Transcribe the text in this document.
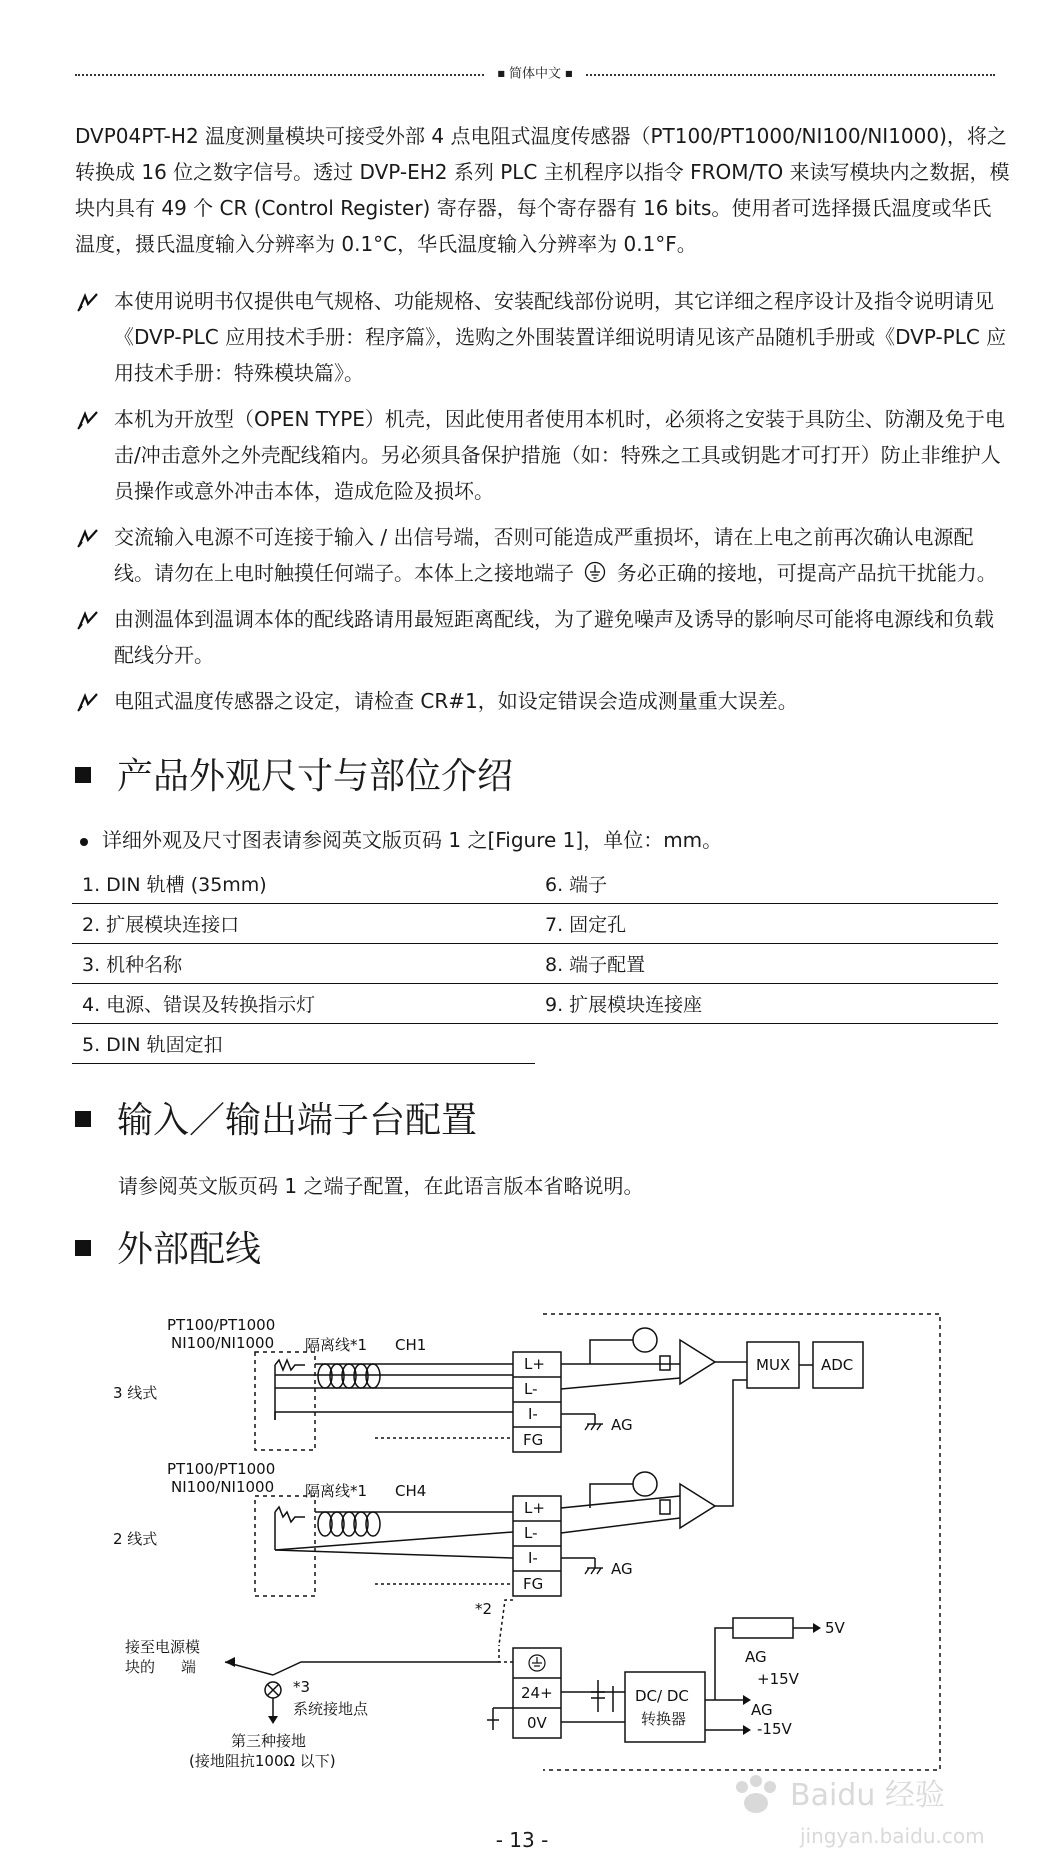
■ 简体中文 ■

DVP04PT-H2 温度测量模块可接受外部 4 点电阻式温度传感器（PT100/PT1000/NI100/NI1000)，将之转换成 16 位之数字信号。透过 DVP-EH2 系列 PLC 主机程序以指令 FROM/TO 来读写模块内之数据，模块内具有 49 个 CR (Control Register) 寄存器，每个寄存器有 16 bits。使用者可选择摄氏温度或华氏温度，摄氏温度输入分辨率为 0.1°C，华氏温度输入分辨率为 0.1°F。

本使用说明书仅提供电气规格、功能规格、安装配线部份说明，其它详细之程序设计及指令说明请见《DVP-PLC 应用技术手册：程序篇》，选购之外围装置详细说明请见该产品随机手册或《DVP-PLC 应用技术手册：特殊模块篇》。
本机为开放型（OPEN TYPE）机壳，因此使用者使用本机时，必须将之安装于具防尘、防潮及免于电击/冲击意外之外壳配线箱内。另必须具备保护措施（如：特殊之工具或钥匙才可打开）防止非维护人员操作或意外冲击本体，造成危险及损坏。
交流输入电源不可连接于输入 / 出信号端，否则可能造成严重损坏，请在上电之前再次确认电源配线。请勿在上电时触摸任何端子。本体上之接地端子  务必正确的接地，可提高产品抗干扰能力。
由测温体到温调本体的配线路请用最短距离配线，为了避免噪声及诱导的影响尽可能将电源线和负载配线分开。
电阻式温度传感器之设定，请检查 CR#1，如设定错误会造成测量重大误差。
产品外观尺寸与部位介绍
详细外观及尺寸图表请参阅英文版页码 1 之[Figure 1]，单位：mm。
1. DIN 轨槽 (35mm)	6. 端子
2. 扩展模块连接口	7. 固定孔
3. 机种名称	8. 端子配置
4. 电源、错误及转换指示灯	9. 扩展模块连接座
5. DIN 轨固定扣	
输入／输出端子台配置
请参阅英文版页码 1 之端子配置，在此语言版本省略说明。
外部配线
PT100/PT1000
NI100/NI1000 隔离线*1 CH1
3 线式
PT100/PT1000
NI100/NI1000 隔离线*1 CH4
2 线式
L+
L-
I-
FG
L+
L-
I-
FG
AG
AG
MUX ADC
*2
接至电源模
块的 端
*3
系统接地点
第三种接地
(接地阻抗100Ω 以下)
24+
0V
DC/ DC
转换器
5V
AG
+15V
AG
-15V
Baidu 经验
jingyan.baidu.com
- 13 -
